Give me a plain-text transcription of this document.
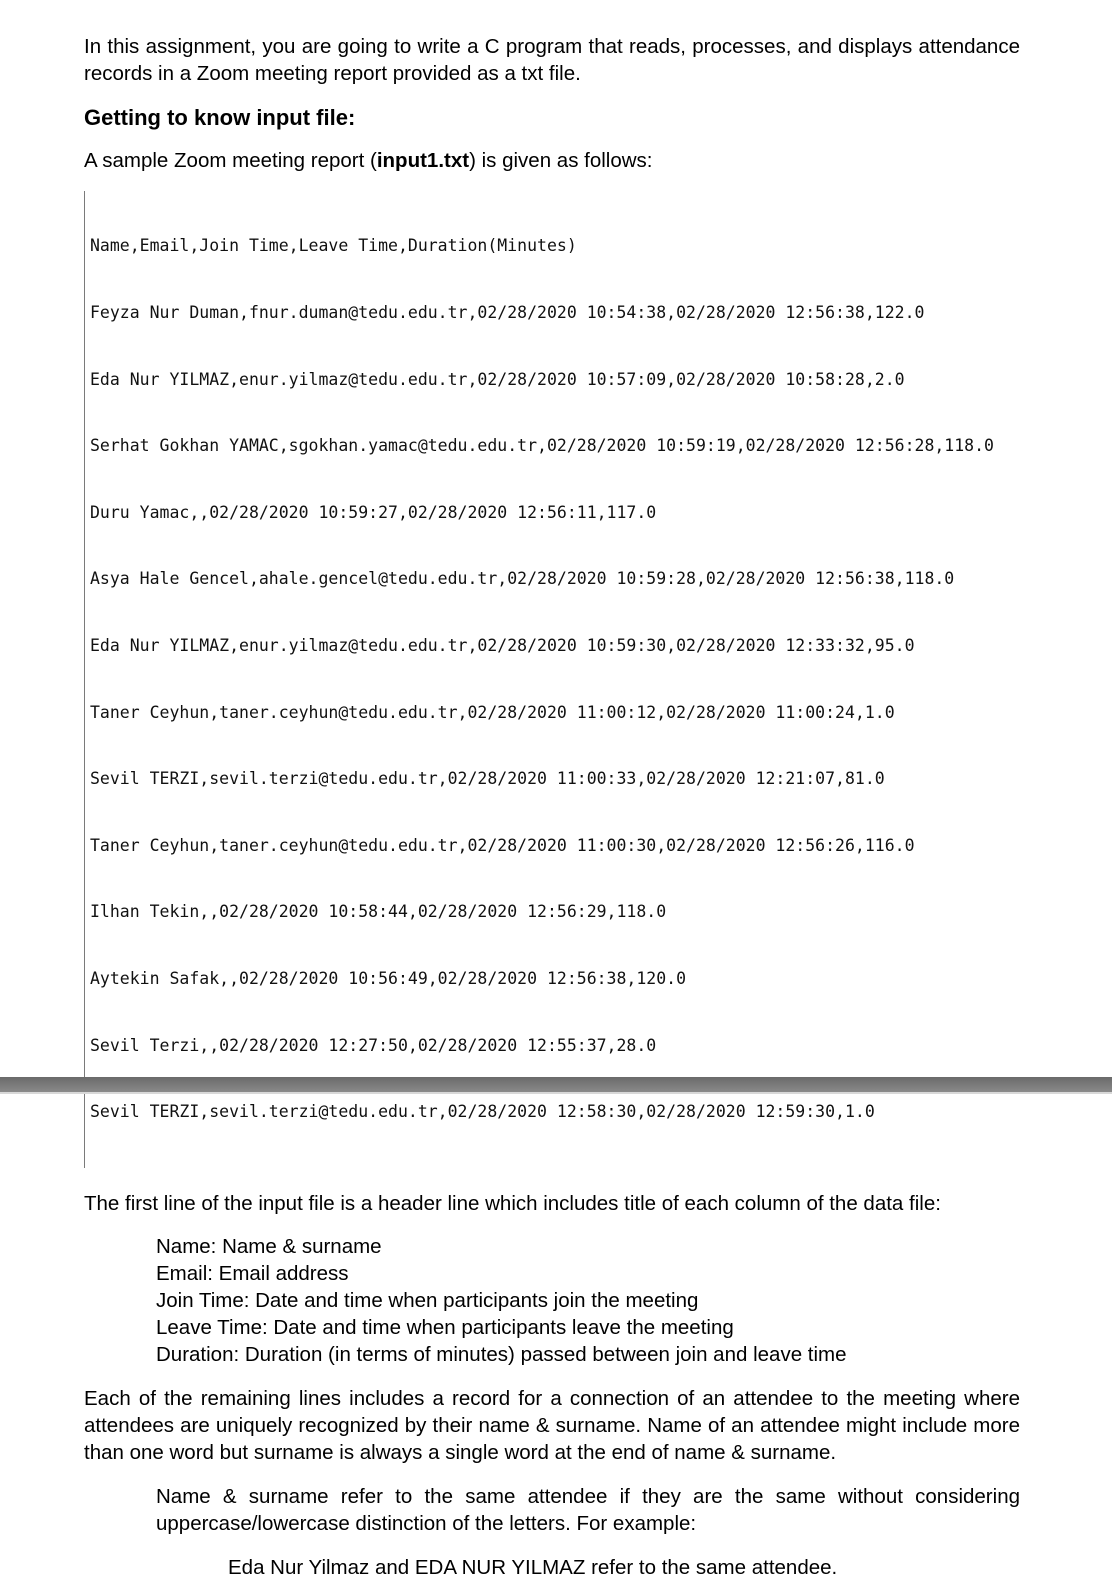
In this assignment, you are going to write a C program that reads, processes, and displays attendance records in a Zoom meeting report provided as a txt file.

Getting to know input file:

A sample Zoom meeting report (input1.txt) is given as follows:

Name,Email,Join Time,Leave Time,Duration(Minutes)

Feyza Nur Duman,fnur.duman@tedu.edu.tr,02/28/2020 10:54:38,02/28/2020 12:56:38,122.0

Eda Nur YILMAZ,enur.yilmaz@tedu.edu.tr,02/28/2020 10:57:09,02/28/2020 10:58:28,2.0

Serhat Gokhan YAMAC,sgokhan.yamac@tedu.edu.tr,02/28/2020 10:59:19,02/28/2020 12:56:28,118.0

Duru Yamac,,02/28/2020 10:59:27,02/28/2020 12:56:11,117.0

Asya Hale Gencel,ahale.gencel@tedu.edu.tr,02/28/2020 10:59:28,02/28/2020 12:56:38,118.0

Eda Nur YILMAZ,enur.yilmaz@tedu.edu.tr,02/28/2020 10:59:30,02/28/2020 12:33:32,95.0

Taner Ceyhun,taner.ceyhun@tedu.edu.tr,02/28/2020 11:00:12,02/28/2020 11:00:24,1.0

Sevil TERZI,sevil.terzi@tedu.edu.tr,02/28/2020 11:00:33,02/28/2020 12:21:07,81.0

Taner Ceyhun,taner.ceyhun@tedu.edu.tr,02/28/2020 11:00:30,02/28/2020 12:56:26,116.0

Ilhan Tekin,,02/28/2020 10:58:44,02/28/2020 12:56:29,118.0

Aytekin Safak,,02/28/2020 10:56:49,02/28/2020 12:56:38,120.0

Sevil Terzi,,02/28/2020 12:27:50,02/28/2020 12:55:37,28.0

Sevil TERZI,sevil.terzi@tedu.edu.tr,02/28/2020 12:58:30,02/28/2020 12:59:30,1.0

The first line of the input file is a header line which includes title of each column of the data file:

Name: Name & surname
Email: Email address
Join Time: Date and time when participants join the meeting
Leave Time: Date and time when participants leave the meeting
Duration: Duration (in terms of minutes) passed between join and leave time

Each of the remaining lines includes a record for a connection of an attendee to the meeting where attendees are uniquely recognized by their name & surname. Name of an attendee might include more than one word but surname is always a single word at the end of name & surname.

Name & surname refer to the same attendee if they are the same without considering uppercase/lowercase distinction of the letters. For example:

Eda Nur Yilmaz and EDA NUR YILMAZ refer to the same attendee.
